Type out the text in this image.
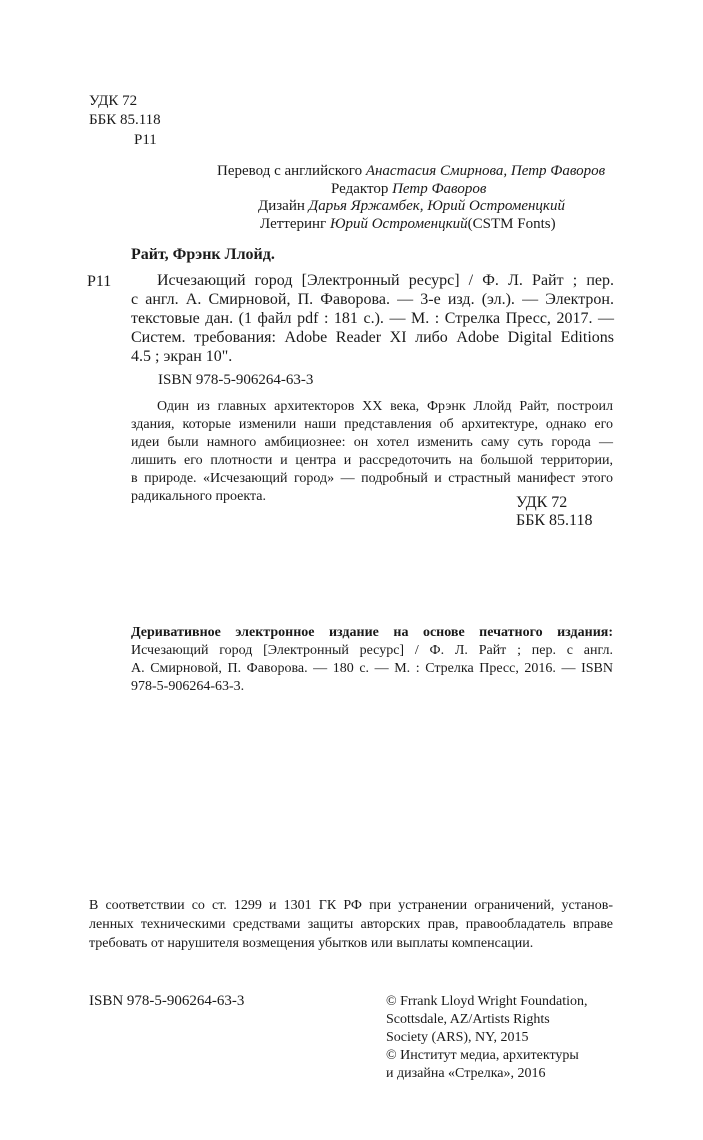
УДК 72
ББК 85.118
Р11
Перевод с английского Анастасия Смирнова, Петр Фаворов
Редактор Петр Фаворов
Дизайн Дарья Яржамбек, Юрий Остроменцкий
Леттеринг Юрий Остроменцкий(CSTM Fonts)
Райт, Фрэнк Ллойд.
Р11	Исчезающий город [Электронный ресурс] / Ф. Л. Райт ; пер.
с англ. А. Смирновой, П. Фаворова. — 3-е изд. (эл.). — Электрон.
текстовые дан. (1 файл pdf : 181 с.). — М. : Стрелка Пресс, 2017. —
Систем. требования: Adobe Reader XI либо Adobe Digital Editions
4.5 ; экран 10".
ISBN 978-5-906264-63-3
Один из главных архитекторов XX века, Фрэнк Ллойд Райт, построил
здания, которые изменили наши представления об архитектуре, однако его
идеи были намного амбициознее: он хотел изменить саму суть города —
лишить его плотности и центра и рассредоточить на большой территории,
в природе. «Исчезающий город» — подробный и страстный манифест этого
радикального проекта.	УДК 72
ББК 85.118
Деривативное электронное издание на основе печатного издания:
Исчезающий город [Электронный ресурс] / Ф. Л. Райт ; пер. с англ.
А. Смирновой, П. Фаворова. — 180 с. — М. : Стрелка Пресс, 2016. — ISBN
978-5-906264-63-3.
В соответствии со ст. 1299 и 1301 ГК РФ при устранении ограничений, установ-
ленных техническими средствами защиты авторских прав, правообладатель вправе
требовать от нарушителя возмещения убытков или выплаты компенсации.
ISBN 978-5-906264-63-3	© Frrank Lloyd Wright Foundation,
Scottsdale, AZ/Artists Rights
Society (ARS), NY, 2015
© Институт медиа, архитектуры
и дизайна «Стрелка», 2016
